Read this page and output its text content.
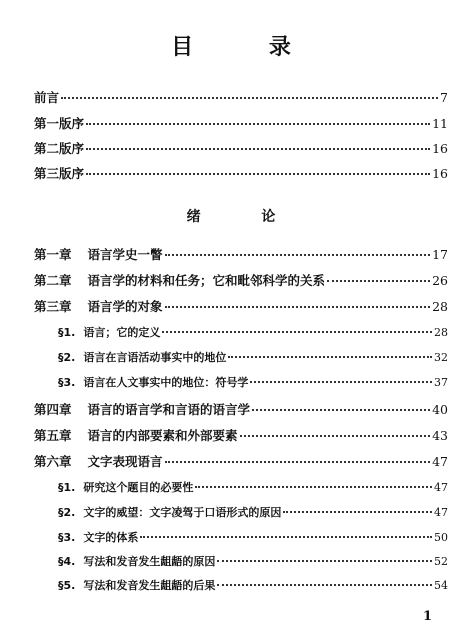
目 录
前言	7
第一版序	11
第二版序	16
第三版序	16
绪 论
第一章 语言学史一瞥	17
第二章 语言学的材料和任务；它和毗邻科学的关系	26
第三章 语言学的对象	28
§1. 语言；它的定义	28
§2. 语言在言语活动事实中的地位	32
§3. 语言在人文事实中的地位：符号学	37
第四章 语言的语言学和言语的语言学	40
第五章 语言的内部要素和外部要素	43
第六章 文字表现语言	47
§1. 研究这个题目的必要性	47
§2. 文字的威望：文字凌驾于口语形式的原因	47
§3. 文字的体系	50
§4. 写法和发音发生龃龉的原因	52
§5. 写法和发音发生龃龉的后果	54
1
